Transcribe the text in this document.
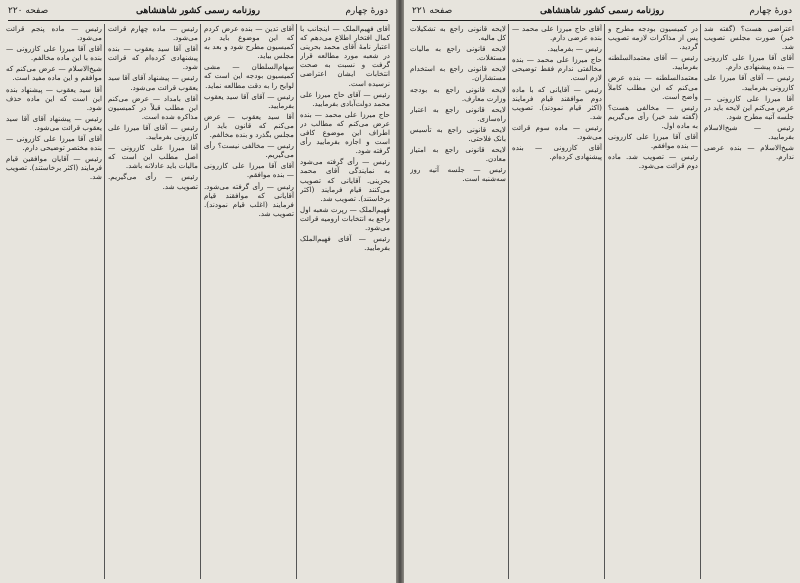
دورهٔ چهارم
روزنامه رسمی کشور شاهنشاهی
صفحه ۲۲۰

آقای فهیم‌الملک — اینجانب با کمال افتخار اطلاع می‌دهم که اعتبار نامهٔ آقای محمد بحرینی در شعبه مورد مطالعه قرار گرفت و نسبت به صحت انتخابات ایشان اعتراضی نرسیده است.

رئیس — آقای حاج میرزا علی محمد دولت‌آبادی بفرمایید.

حاج میرزا علی محمد — بنده عرض می‌کنم که مطالب در اطراف این موضوع کافی است و اجازه بفرمایید رأی گرفته شود.

رئیس — رأی گرفته می‌شود به نمایندگی آقای محمد بحرینی. آقایانی که تصویب می‌کنند قیام فرمایند (اکثر برخاستند). تصویب شد.

فهیم‌الملک — رپرت شعبه اول راجع به انتخابات ارومیه قرائت می‌شود.

رئیس — آقای فهیم‌الملک بفرمایید.

آقای تدین — بنده عرض کردم که این موضوع باید در کمیسیون مطرح شود و بعد به مجلس بیاید.

سهام‌السلطان — مشی کمیسیون بودجه این است که لوایح را به دقت مطالعه نماید.

رئیس — آقای آقا سید یعقوب بفرمایید.

آقا سید یعقوب — عرض می‌کنم که قانون باید از مجلس بگذرد و بنده مخالفم.

رئیس — مخالفی نیست؟ رأی می‌گیریم.

آقای آقا میرزا علی کازرونی — بنده موافقم.

رئیس — رأی گرفته می‌شود. آقایانی که موافقند قیام فرمایند (اغلب قیام نمودند). تصویب شد.

رئیس — ماده چهارم قرائت می‌شود.

آقای آقا سید یعقوب — بنده پیشنهادی کرده‌ام که قرائت شود.

رئیس — پیشنهاد آقای آقا سید یعقوب قرائت می‌شود.

آقای بامداد — عرض می‌کنم این مطلب قبلاً در کمیسیون مذاکره شده است.

رئیس — آقای آقا میرزا علی کازرونی بفرمایید.

آقا میرزا علی کازرونی — اصل مطلب این است که مالیات باید عادلانه باشد.

رئیس — رأی می‌گیریم. تصویب شد.

رئیس — ماده پنجم قرائت می‌شود.

آقای آقا میرزا علی کازرونی — بنده با این ماده مخالفم.

شیخ‌الاسلام — عرض می‌کنم که موافقم و این ماده مفید است.

آقا سید یعقوب — پیشنهاد بنده این است که این ماده حذف شود.

رئیس — پیشنهاد آقای آقا سید یعقوب قرائت می‌شود.

آقای آقا میرزا علی کازرونی — بنده مختصر توضیحی دارم.

رئیس — آقایان موافقین قیام فرمایند (اکثر برخاستند). تصویب شد.

دورهٔ چهارم
روزنامه رسمی کشور شاهنشاهی
صفحه ۲۲۱

اعتراضی هست؟ (گفته شد خیر) صورت مجلس تصویب شد.

آقای آقا میرزا علی کازرونی — بنده پیشنهادی دارم.

رئیس — آقای آقا میرزا علی کازرونی بفرمایید.

آقا میرزا علی کازرونی — عرض می‌کنم این لایحه باید در جلسه آتیه مطرح شود.

رئیس — شیخ‌الاسلام بفرمایید.

شیخ‌الاسلام — بنده عرضی ندارم.

در کمیسیون بودجه مطرح و پس از مذاکرات لازمه تصویب گردید.

رئیس — آقای معتمدالسلطنه بفرمایید.

معتمدالسلطنه — بنده عرض می‌کنم که این مطلب کاملاً واضح است.

رئیس — مخالفی هست؟ (گفته شد خیر) رأی می‌گیریم به ماده اول.

آقای آقا میرزا علی کازرونی — بنده موافقم.

رئیس — تصویب شد. ماده دوم قرائت می‌شود.

آقای حاج میرزا علی محمد — بنده عرضی دارم.

رئیس — بفرمایید.

حاج میرزا علی محمد — بنده مخالفتی ندارم فقط توضیحی لازم است.

رئیس — آقایانی که با ماده دوم موافقند قیام فرمایند (اکثر قیام نمودند). تصویب شد.

رئیس — ماده سوم قرائت می‌شود.

آقای کازرونی — بنده پیشنهادی کرده‌ام.

لایحه قانونی راجع به تشکیلات کل مالیه.

لایحه قانونی راجع به مالیات مستغلات.

لایحه قانونی راجع به استخدام مستشاران.

لایحه قانونی راجع به بودجه وزارت معارف.

لایحه قانونی راجع به اعتبار راه‌سازی.

لایحه قانونی راجع به تأسیس بانک فلاحتی.

لایحه قانونی راجع به امتیاز معادن.

رئیس — جلسه آتیه روز سه‌شنبه است.
